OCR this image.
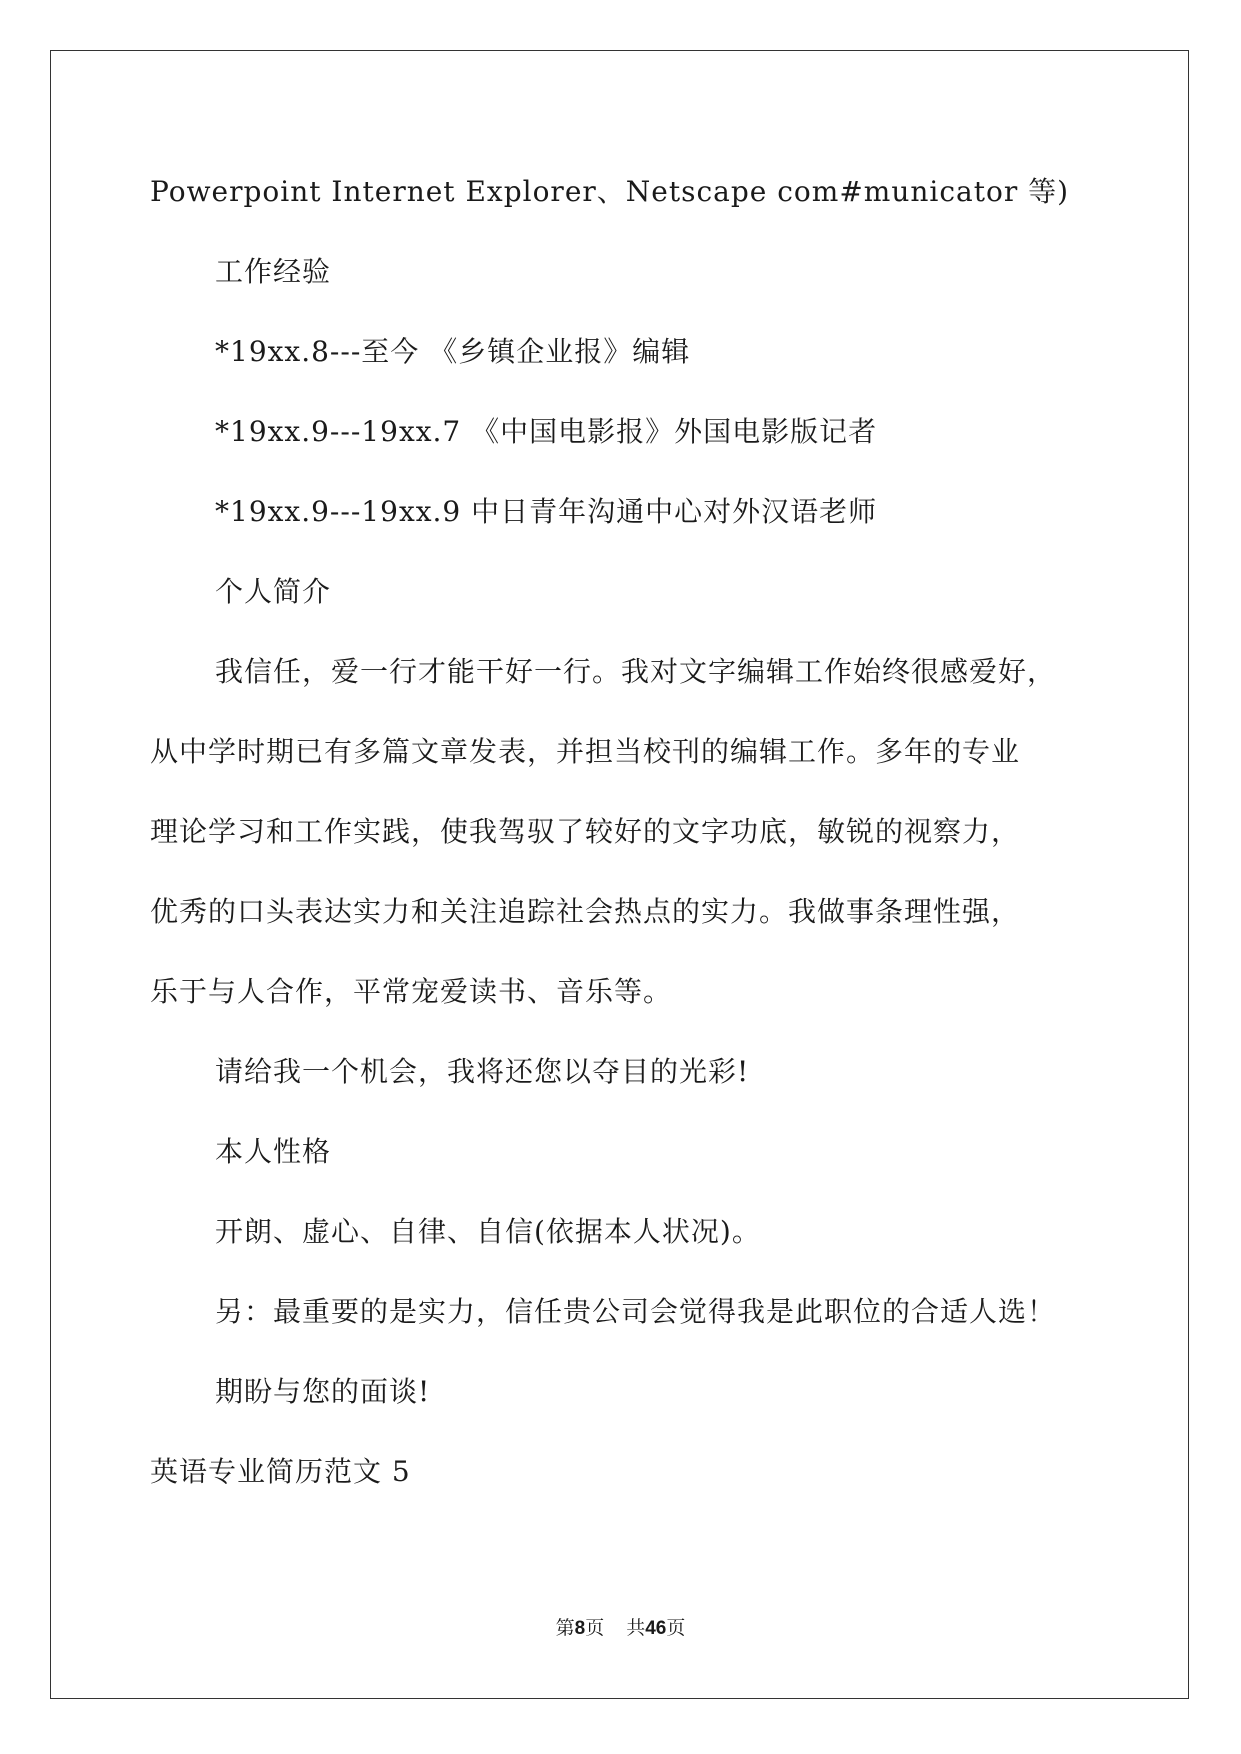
Powerpoint Internet Explorer、Netscape com#municator 等)
工作经验
*19xx.8---至今 《乡镇企业报》编辑
*19xx.9---19xx.7 《中国电影报》外国电影版记者
*19xx.9---19xx.9 中日青年沟通中心对外汉语老师
个人简介
我信任，爱一行才能干好一行。我对文字编辑工作始终很感爱好，
从中学时期已有多篇文章发表，并担当校刊的编辑工作。多年的专业
理论学习和工作实践，使我驾驭了较好的文字功底，敏锐的视察力，
优秀的口头表达实力和关注追踪社会热点的实力。我做事条理性强，
乐于与人合作，平常宠爱读书、音乐等。
请给我一个机会，我将还您以夺目的光彩!
本人性格
开朗、虚心、自律、自信(依据本人状况)。
另：最重要的是实力，信任贵公司会觉得我是此职位的合适人选！
期盼与您的面谈!
英语专业简历范文 5
第8页 共46页
